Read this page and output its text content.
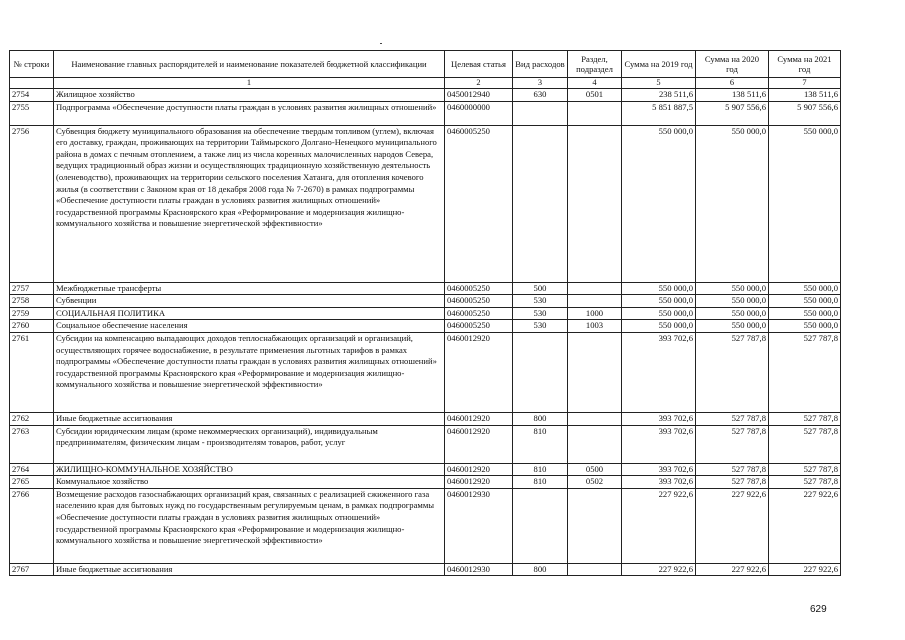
№ строки	Наименование главных распорядителей и наименование показателей бюджетной классификации	Целевая статья	Вид расходов	Раздел, подраздел	Сумма на 2019 год	Сумма на 2020 год	Сумма на 2021 год
	1	2	3	4	5	6	7
2754	Жилищное хозяйство	0450012940	630	0501	238 511,6	138 511,6	138 511,6
2755	Подпрограмма «Обеспечение доступности платы граждан в условиях развития жилищных отношений»	0460000000			5 851 887,5	5 907 556,6	5 907 556,6
2756	Субвенция бюджету муниципального образования на обеспечение твердым топливом (углем), включая его доставку, граждан, проживающих на территории Таймырского Долгано-Ненецкого муниципального района в домах с печным отоплением, а также лиц из числа коренных малочисленных народов Севера, ведущих традиционный образ жизни и осуществляющих традиционную хозяйственную деятельность (оленеводство), проживающих на территории сельского поселения Хатанга, для отопления кочевого жилья (в соответствии с Законом края от 18 декабря 2008 года № 7-2670) в рамках подпрограммы «Обеспечение доступности платы граждан в условиях развития жилищных отношений» государственной программы Красноярского края «Реформирование и модернизация жилищно-коммунального хозяйства и повышение энергетической эффективности»	0460005250			550 000,0	550 000,0	550 000,0
2757	Межбюджетные трансферты	0460005250	500		550 000,0	550 000,0	550 000,0
2758	Субвенции	0460005250	530		550 000,0	550 000,0	550 000,0
2759	СОЦИАЛЬНАЯ ПОЛИТИКА	0460005250	530	1000	550 000,0	550 000,0	550 000,0
2760	Социальное обеспечение населения	0460005250	530	1003	550 000,0	550 000,0	550 000,0
2761	Субсидии на компенсацию выпадающих доходов теплоснабжающих организаций и организаций, осуществляющих горячее водоснабжение, в результате применения льготных тарифов в рамках подпрограммы «Обеспечение доступности платы граждан в условиях развития жилищных отношений» государственной программы Красноярского края «Реформирование и модернизация жилищно-коммунального хозяйства и повышение энергетической эффективности»	0460012920			393 702,6	527 787,8	527 787,8
2762	Иные бюджетные ассигнования	0460012920	800		393 702,6	527 787,8	527 787,8
2763	Субсидии юридическим лицам (кроме некоммерческих организаций), индивидуальным предпринимателям, физическим лицам - производителям товаров, работ, услуг	0460012920	810		393 702,6	527 787,8	527 787,8
2764	ЖИЛИЩНО-КОММУНАЛЬНОЕ ХОЗЯЙСТВО	0460012920	810	0500	393 702,6	527 787,8	527 787,8
2765	Коммунальное хозяйство	0460012920	810	0502	393 702,6	527 787,8	527 787,8
2766	Возмещение расходов газоснабжающих организаций края, связанных с реализацией сжиженного газа населению края для бытовых нужд по государственным регулируемым ценам, в рамках подпрограммы «Обеспечение доступности платы граждан в условиях развития жилищных отношений» государственной программы Красноярского края «Реформирование и модернизация жилищно-коммунального хозяйства и повышение энергетической эффективности»	0460012930			227 922,6	227 922,6	227 922,6
2767	Иные бюджетные ассигнования	0460012930	800		227 922,6	227 922,6	227 922,6
629
